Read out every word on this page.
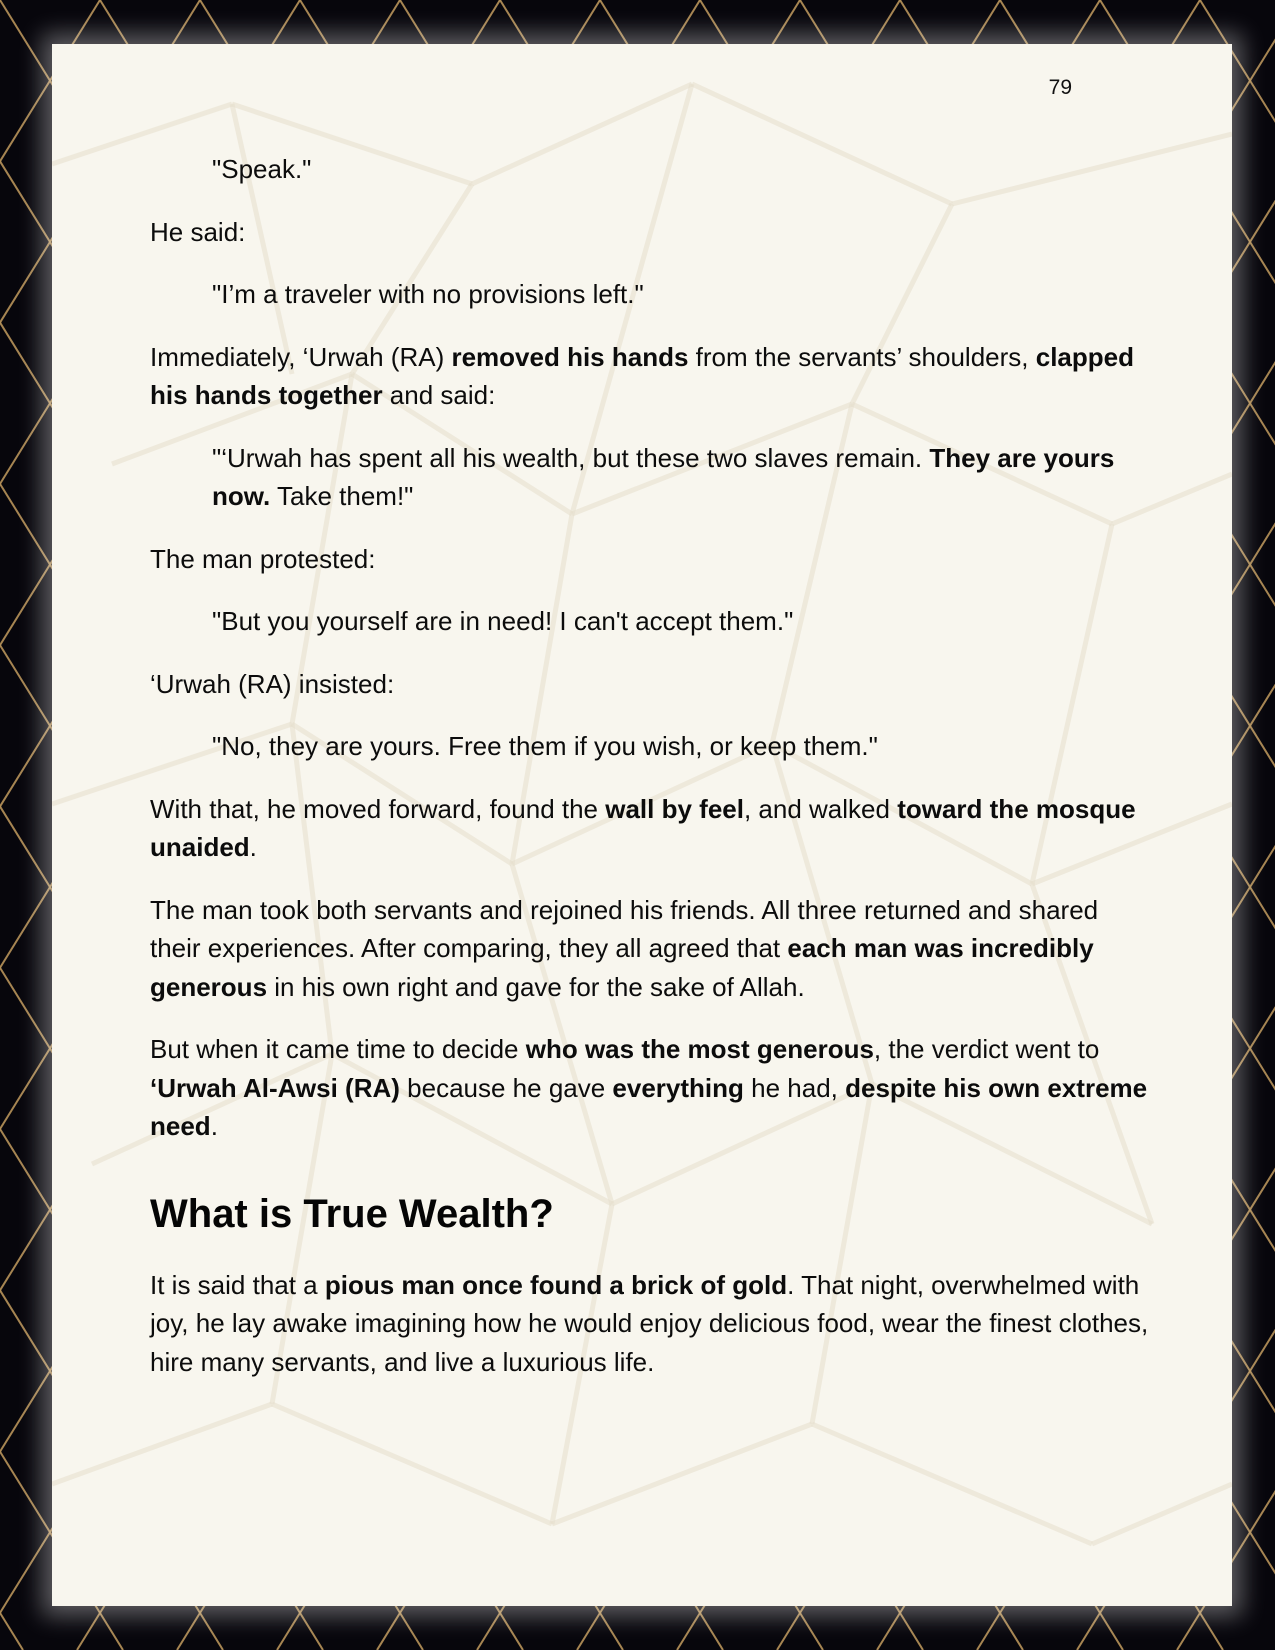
79

"Speak."

He said:

"I’m a traveler with no provisions left."

Immediately, ‘Urwah (RA) removed his hands from the servants’ shoulders, clapped his hands together and said:

"‘Urwah has spent all his wealth, but these two slaves remain. They are yours now. Take them!"

The man protested:

"But you yourself are in need! I can't accept them."

‘Urwah (RA) insisted:

"No, they are yours. Free them if you wish, or keep them."

With that, he moved forward, found the wall by feel, and walked toward the mosque unaided.

The man took both servants and rejoined his friends. All three returned and shared their experiences. After comparing, they all agreed that each man was incredibly generous in his own right and gave for the sake of Allah.

But when it came time to decide who was the most generous, the verdict went to ‘Urwah Al-Awsi (RA) because he gave everything he had, despite his own extreme need.

What is True Wealth?

It is said that a pious man once found a brick of gold. That night, overwhelmed with joy, he lay awake imagining how he would enjoy delicious food, wear the finest clothes, hire many servants, and live a luxurious life.
